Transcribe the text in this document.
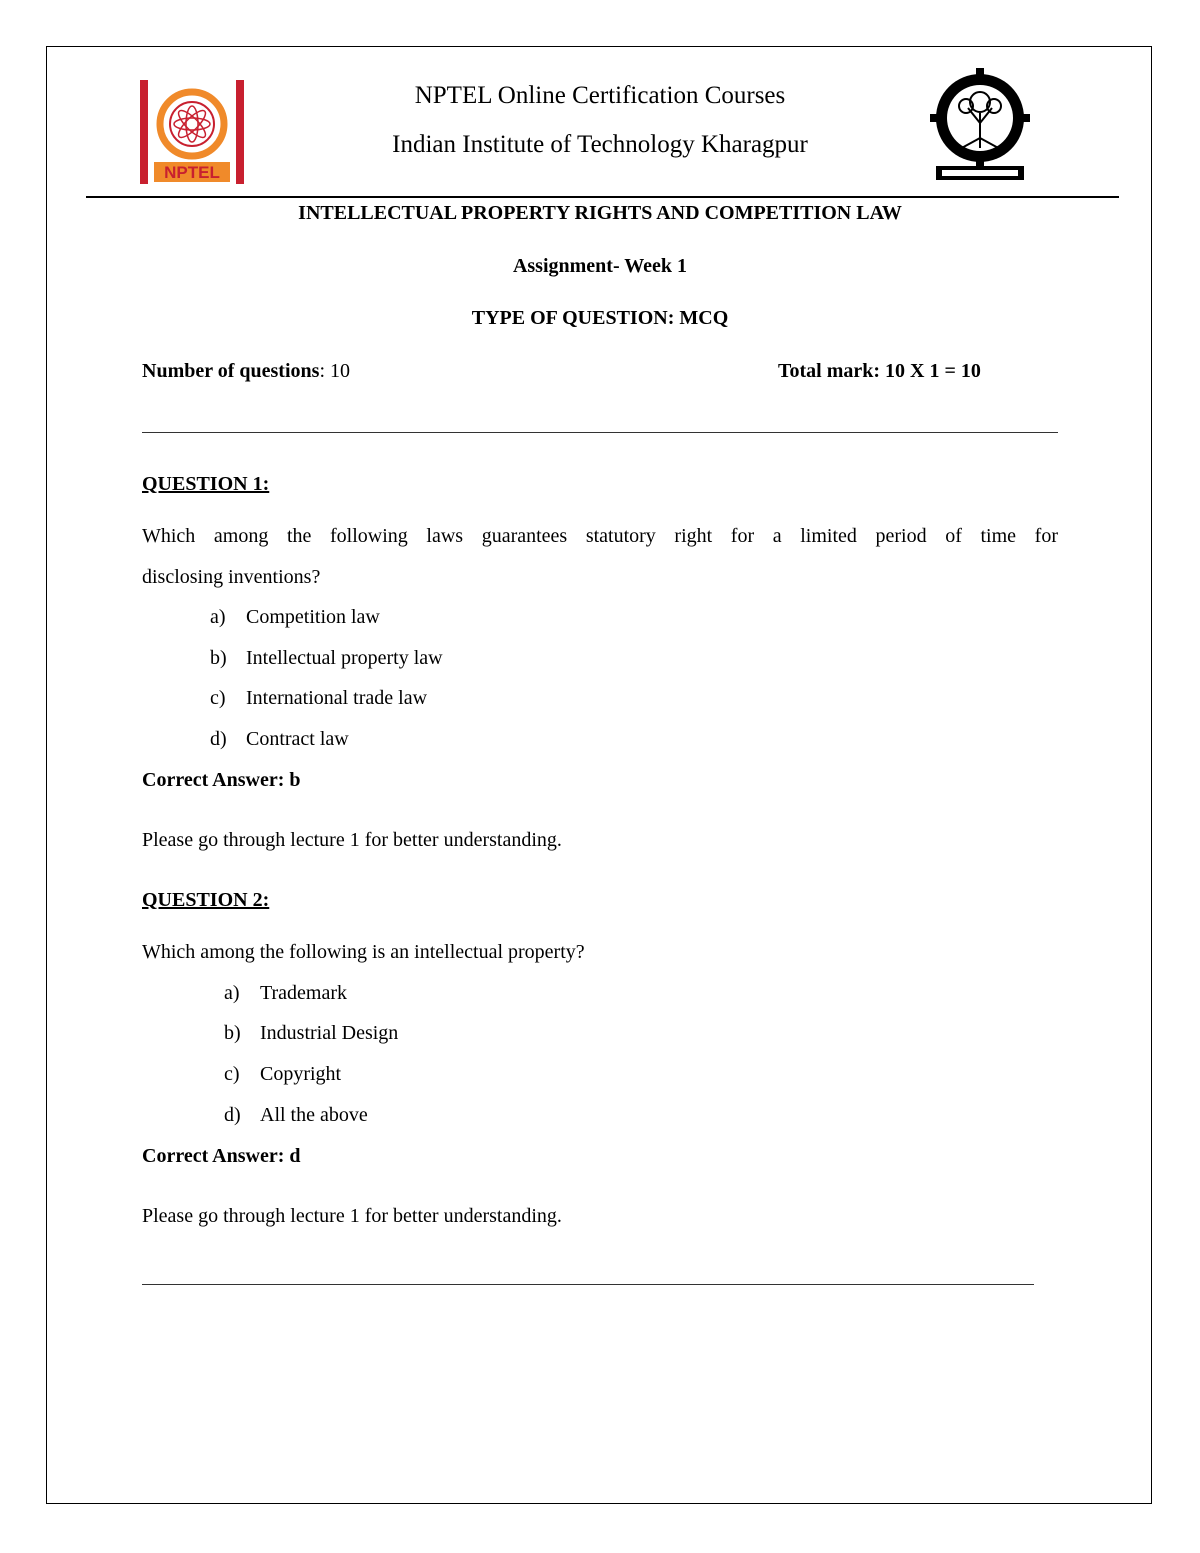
NPTEL
NPTEL Online Certification Courses
Indian Institute of Technology Kharagpur
INTELLECTUAL PROPERTY RIGHTS AND COMPETITION LAW
Assignment- Week 1
TYPE OF QUESTION: MCQ
Number of questions: 10	Total mark: 10 X 1 = 10
QUESTION 1:
Which among the following laws guarantees statutory right for a limited period of time for
disclosing inventions?
a) Competition law
b) Intellectual property law
c) International trade law
d) Contract law
Correct Answer: b
Please go through lecture 1 for better understanding.
QUESTION 2:
Which among the following is an intellectual property?
a) Trademark
b) Industrial Design
c) Copyright
d) All the above
Correct Answer: d
Please go through lecture 1 for better understanding.
